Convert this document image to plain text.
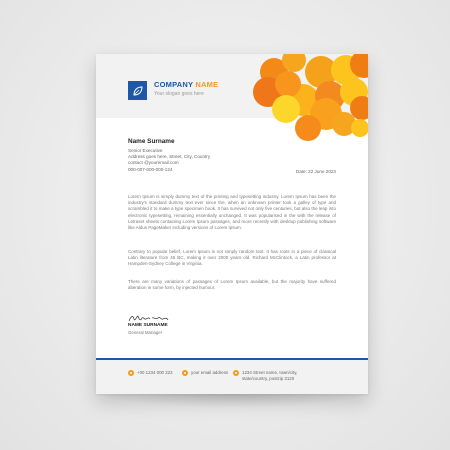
COMPANY NAME
Your slogan goes here
Name Surname
Senior Executive
Address goes here, Street, City, Country
contact @youremail.com
000-007-000-000-124	Date: 22 June 2023
Lorem Ipsum is simply dummy text of the printing and typesetting industry. Lorem Ipsum has been the industry's standard dummy text ever since the, when an unknown printer took a galley of type and scrambled it to make a type specimen book. It has survived not only five centuries, but also the leap into electronic typesetting, remaining essentially unchanged. It was popularised in the with the release of Letraset sheets containing Lorem Ipsum passages, and more recently with desktop publishing software like Aldus PageMaker including versions of Lorem Ipsum.
Contrary to popular belief, Lorem Ipsum is not simply random text. It has roots in a piece of classical Latin literature from 45 BC, making it over 2000 years old. Richard McClintock, a Latin professor at Hampden-Sydney College in Virginia.
There are many variations of passages of Lorem Ipsum available, but the majority have suffered alteration in some form, by injected humour.
NAME SURNAME
General Manager
+00 1234 000 222	your email address	1234 Street name, town/city,
state/country, postzip 3120
